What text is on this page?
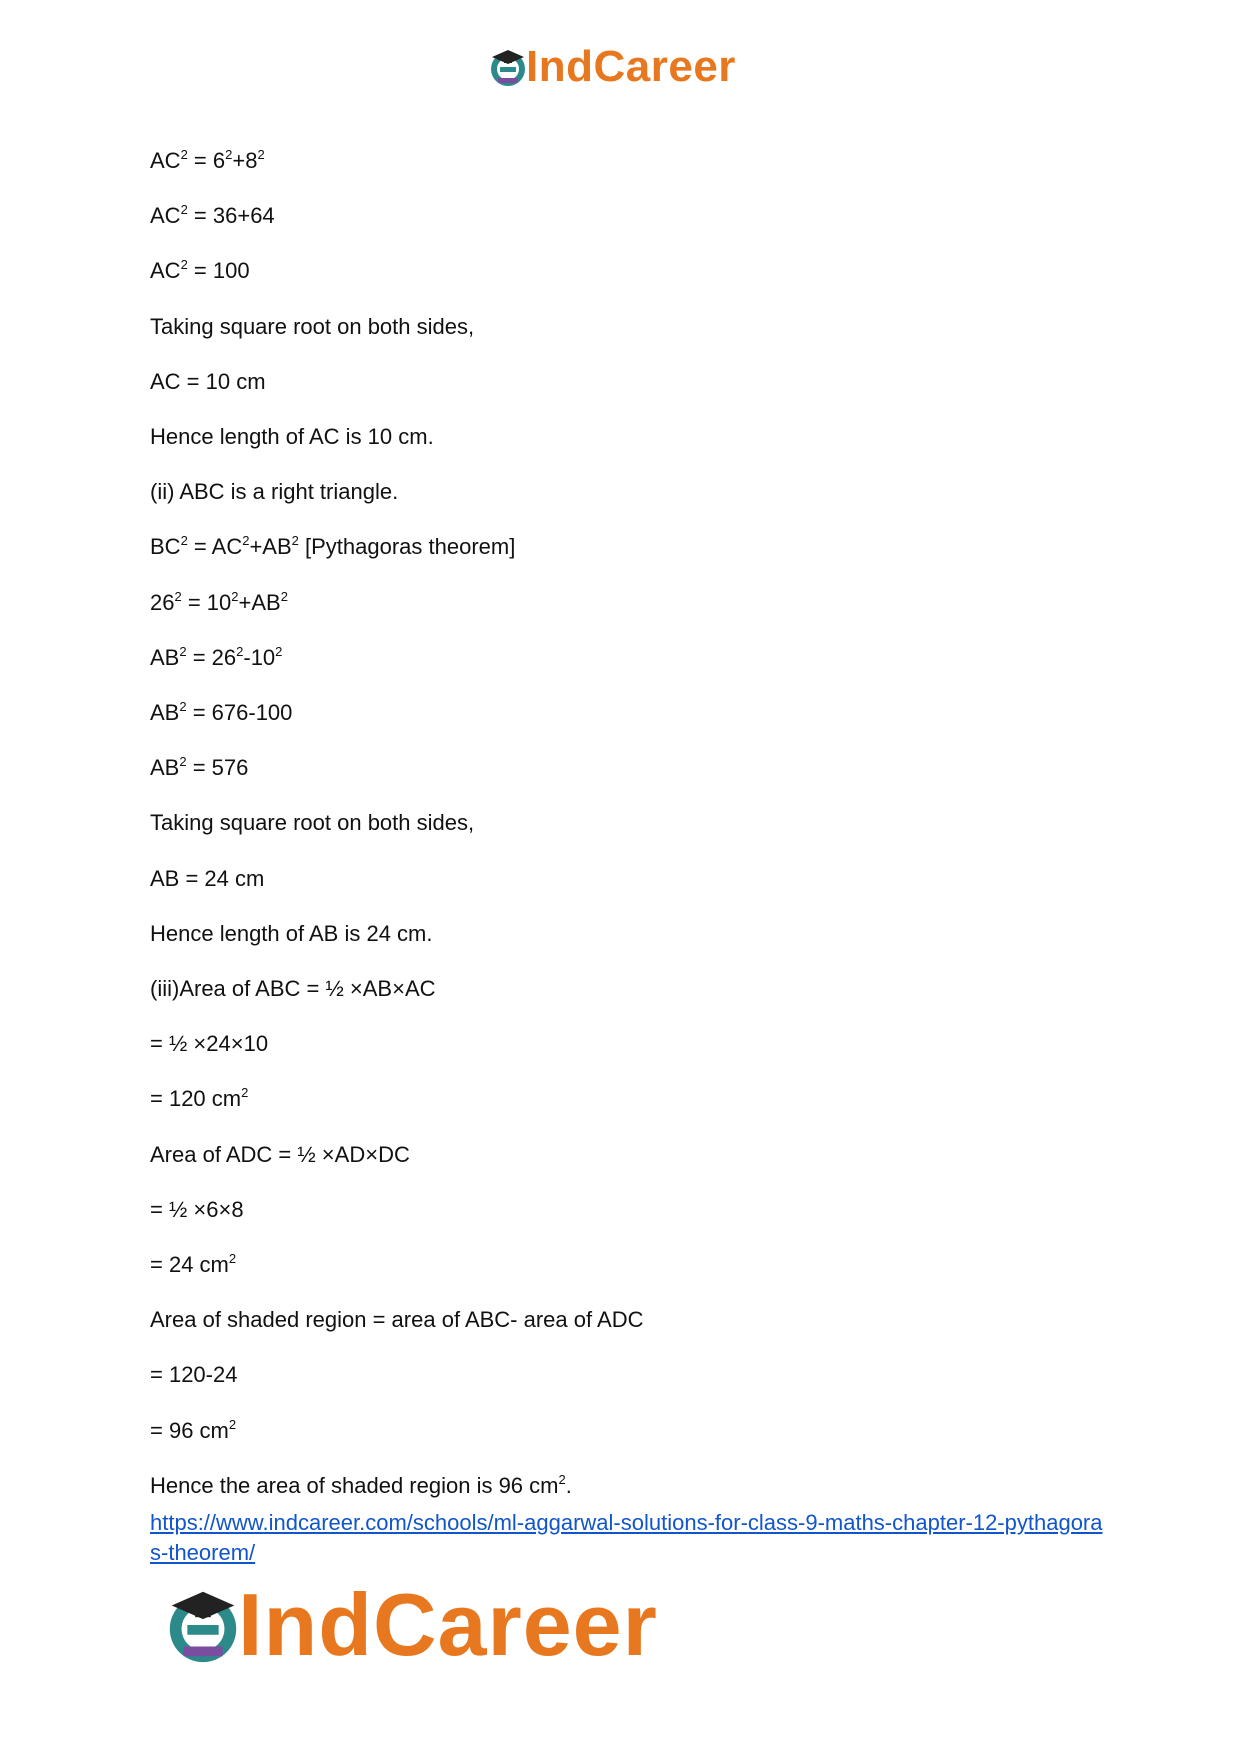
IndCareer
$AC^2 = 6^2+8^2$
$AC^2 = 36+64$
$AC^2 = 100$
Taking square root on both sides,
AC = 10 cm
Hence length of AC is 10 cm.
(ii) ABC is a right triangle.
$BC^2 = AC^2+AB^2$ [Pythagoras theorem]
$26^2 = 10^2+AB^2$
$AB^2 = 26^2-10^2$
$AB^2 = 676-100$
$AB^2 = 576$
Taking square root on both sides,
AB = 24 cm
Hence length of AB is 24 cm.
(iii)Area of ABC = ½ ×AB×AC
= ½ ×24×10
= 120 $cm^2$
Area of ADC = ½ ×AD×DC
= ½ ×6×8
= 24 $cm^2$
Area of shaded region = area of ABC- area of ADC
= 120-24
= 96 $cm^2$
Hence the area of shaded region is 96 $cm^2$.
https://www.indcareer.com/schools/ml-aggarwal-solutions-for-class-9-maths-chapter-12-pythagoras-theorem/
IndCareer
